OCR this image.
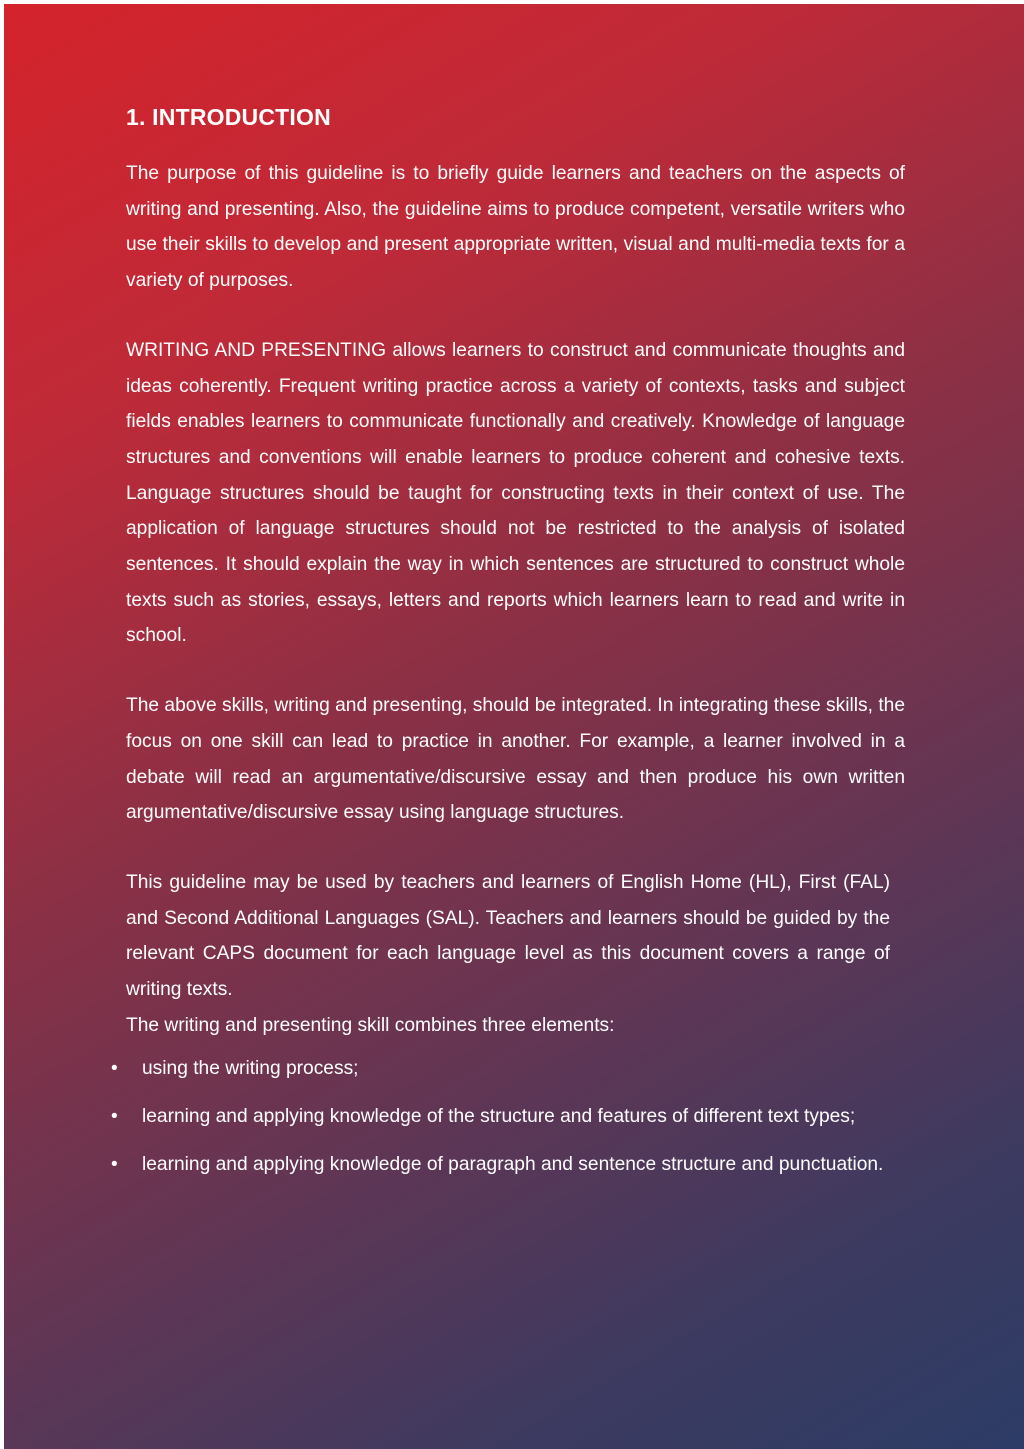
1. INTRODUCTION

The purpose of this guideline is to briefly guide learners and teachers on the aspects of writing and presenting. Also, the guideline aims to produce competent, versatile writers who use their skills to develop and present appropriate written, visual and multi-media texts for a variety of purposes.

WRITING AND PRESENTING allows learners to construct and communicate thoughts and ideas coherently. Frequent writing practice across a variety of contexts, tasks and subject fields enables learners to communicate functionally and creatively. Knowledge of language structures and conventions will enable learners to produce coherent and cohesive texts. Language structures should be taught for constructing texts in their context of use. The application of language structures should not be restricted to the analysis of isolated sentences. It should explain the way in which sentences are structured to construct whole texts such as stories, essays, letters and reports which learners learn to read and write in school.

The above skills, writing and presenting, should be integrated. In integrating these skills, the focus on one skill can lead to practice in another. For example, a learner involved in a debate will read an argumentative/discursive essay and then produce his own written argumentative/discursive essay using language structures.

This guideline may be used by teachers and learners of English Home (HL), First (FAL) and Second Additional Languages (SAL). Teachers and learners should be guided by the relevant CAPS document for each language level as this document covers a range of writing texts.

The writing and presenting skill combines three elements:

• using the writing process;
• learning and applying knowledge of the structure and features of different text types;
• learning and applying knowledge of paragraph and sentence structure and punctuation.
